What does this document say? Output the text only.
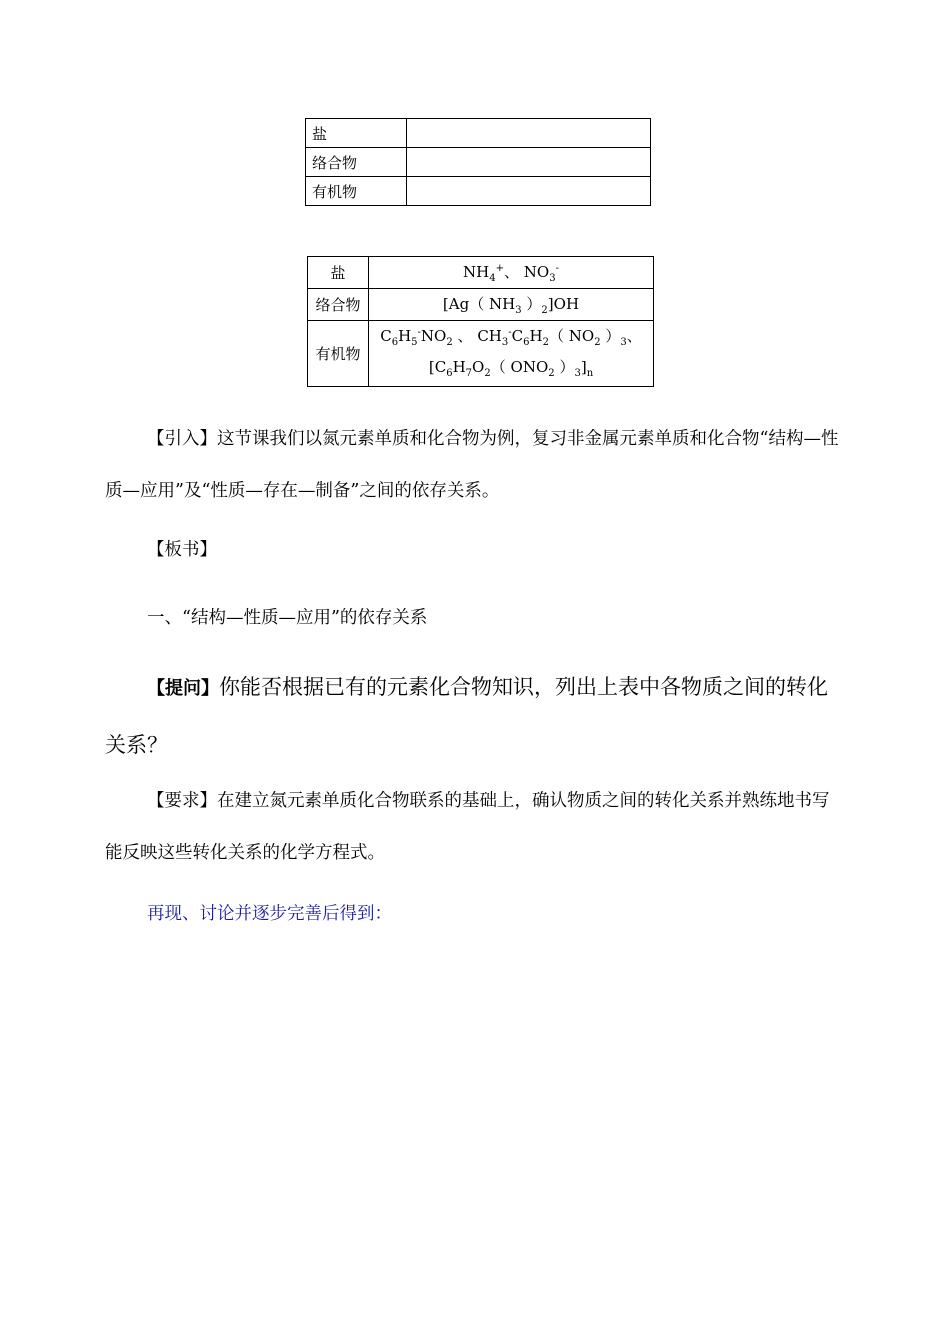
盐	
络合物	
有机物	
盐	$NH_4^+$、 $NO_3^-$
络合物	[Ag（ $NH_3$ ）$_2]OH$
有机物	$C_6H_5^-NO_2$ 、 $CH_3^-C_6H_2$（ $NO_2$ ）$_3$、
[$C_6H_7O_2$（ $ONO_2$ ）$_3]_n$

【引入】这节课我们以氮元素单质和化合物为例，复习非金属元素单质和化合物“结构—性质—应用”及“性质—存在—制备”之间的依存关系。

【板书】

一、“结构—性质—应用”的依存关系

【提问】你能否根据已有的元素化合物知识，列出上表中各物质之间的转化关系？

【要求】在建立氮元素单质化合物联系的基础上，确认物质之间的转化关系并熟练地书写能反映这些转化关系的化学方程式。

再现、讨论并逐步完善后得到：
